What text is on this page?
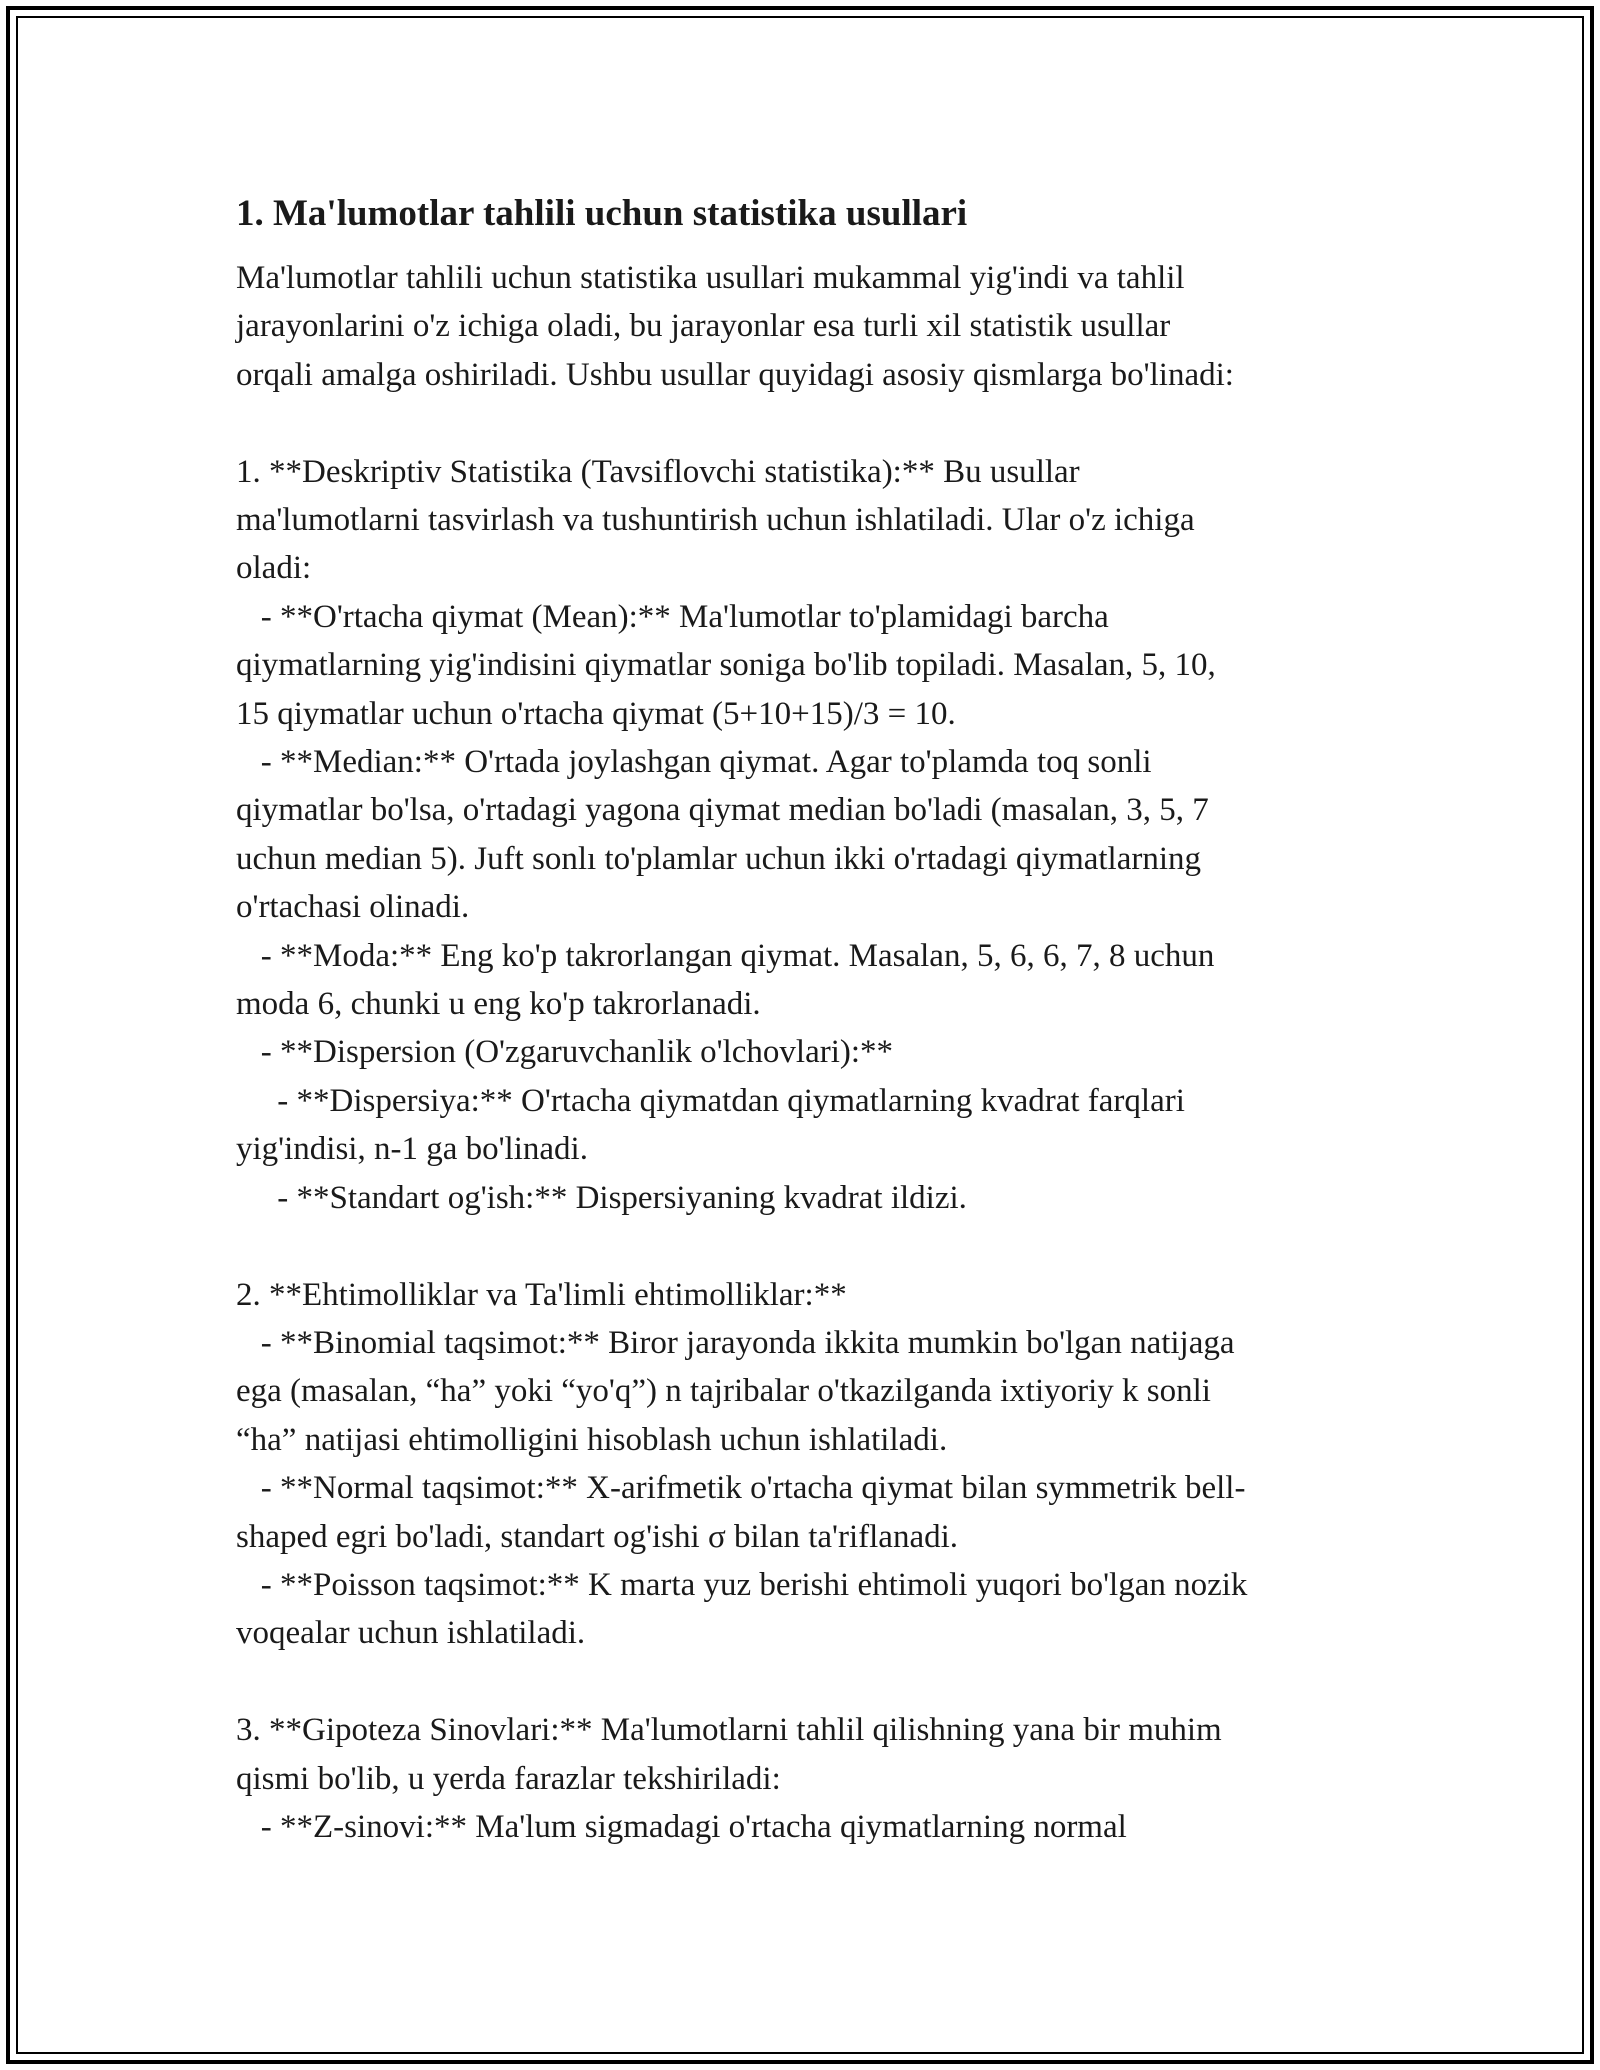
1. Ma'lumotlar tahlili uchun statistika usullari
Ma'lumotlar tahlili uchun statistika usullari mukammal yig'indi va tahlil
jarayonlarini o'z ichiga oladi, bu jarayonlar esa turli xil statistik usullar
orqali amalga oshiriladi. Ushbu usullar quyidagi asosiy qismlarga bo'linadi:
1. **Deskriptiv Statistika (Tavsiflovchi statistika):** Bu usullar
ma'lumotlarni tasvirlash va tushuntirish uchun ishlatiladi. Ular o'z ichiga
oladi:
- **O'rtacha qiymat (Mean):** Ma'lumotlar to'plamidagi barcha
qiymatlarning yig'indisini qiymatlar soniga bo'lib topiladi. Masalan, 5, 10,
15 qiymatlar uchun o'rtacha qiymat (5+10+15)/3 = 10.
- **Median:** O'rtada joylashgan qiymat. Agar to'plamda toq sonli
qiymatlar bo'lsa, o'rtadagi yagona qiymat median bo'ladi (masalan, 3, 5, 7
uchun median 5). Juft sonlı to'plamlar uchun ikki o'rtadagi qiymatlarning
o'rtachasi olinadi.
- **Moda:** Eng ko'p takrorlangan qiymat. Masalan, 5, 6, 6, 7, 8 uchun
moda 6, chunki u eng ko'p takrorlanadi.
- **Dispersion (O'zgaruvchanlik o'lchovlari):**
- **Dispersiya:** O'rtacha qiymatdan qiymatlarning kvadrat farqlari
yig'indisi, n-1 ga bo'linadi.
- **Standart og'ish:** Dispersiyaning kvadrat ildizi.
2. **Ehtimolliklar va Ta'limli ehtimolliklar:**
- **Binomial taqsimot:** Biror jarayonda ikkita mumkin bo'lgan natijaga
ega (masalan, “ha” yoki “yo'q”) n tajribalar o'tkazilganda ixtiyoriy k sonli
“ha” natijasi ehtimolligini hisoblash uchun ishlatiladi.
- **Normal taqsimot:** X-arifmetik o'rtacha qiymat bilan symmetrik bell-
shaped egri bo'ladi, standart og'ishi σ bilan ta'riflanadi.
- **Poisson taqsimot:** K marta yuz berishi ehtimoli yuqori bo'lgan nozik
voqealar uchun ishlatiladi.
3. **Gipoteza Sinovlari:** Ma'lumotlarni tahlil qilishning yana bir muhim
qismi bo'lib, u yerda farazlar tekshiriladi:
- **Z-sinovi:** Ma'lum sigmadagi o'rtacha qiymatlarning normal
